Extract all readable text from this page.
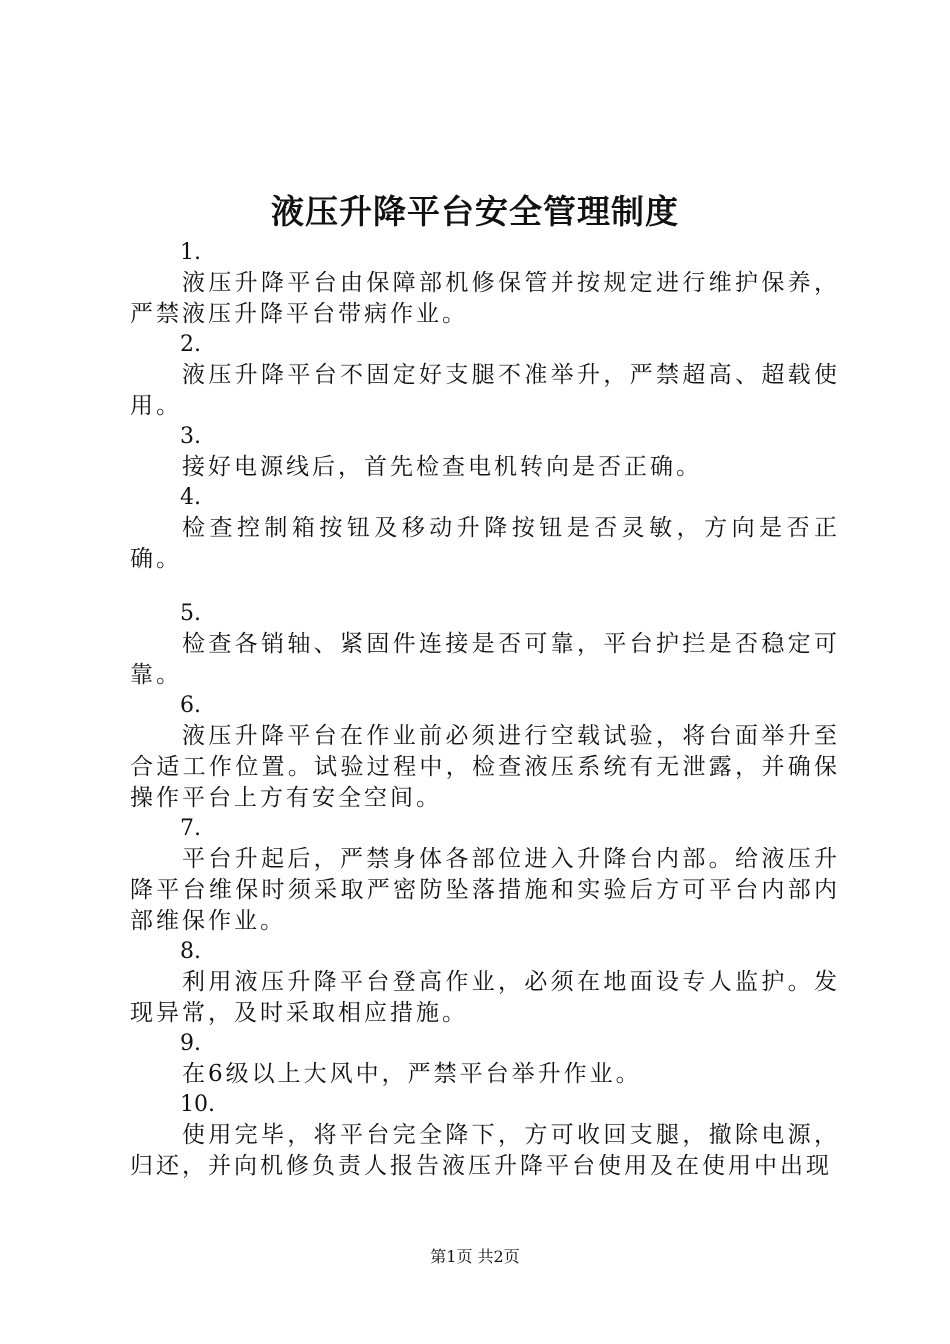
液压升降平台安全管理制度
1.

液压升降平台由保障部机修保管并按规定进行维护保养，严禁液压升降平台带病作业。

2.

液压升降平台不固定好支腿不准举升，严禁超高、超载使用。

3.

接好电源线后，首先检查电机转向是否正确。

4.

检查控制箱按钮及移动升降按钮是否灵敏，方向是否正确。

5.

检查各销轴、紧固件连接是否可靠，平台护拦是否稳定可靠。

6.

液压升降平台在作业前必须进行空载试验，将台面举升至合适工作位置。试验过程中，检查液压系统有无泄露，并确保操作平台上方有安全空间。

7.

平台升起后，严禁身体各部位进入升降台内部。给液压升降平台维保时须采取严密防坠落措施和实验后方可平台内部内部维保作业。

8.

利用液压升降平台登高作业，必须在地面设专人监护。发现异常，及时采取相应措施。

9.

在6级以上大风中，严禁平台举升作业。

10.

使用完毕，将平台完全降下，方可收回支腿，撤除电源，归还，并向机修负责人报告液压升降平台使用及在使用中出现

第1页 共2页
